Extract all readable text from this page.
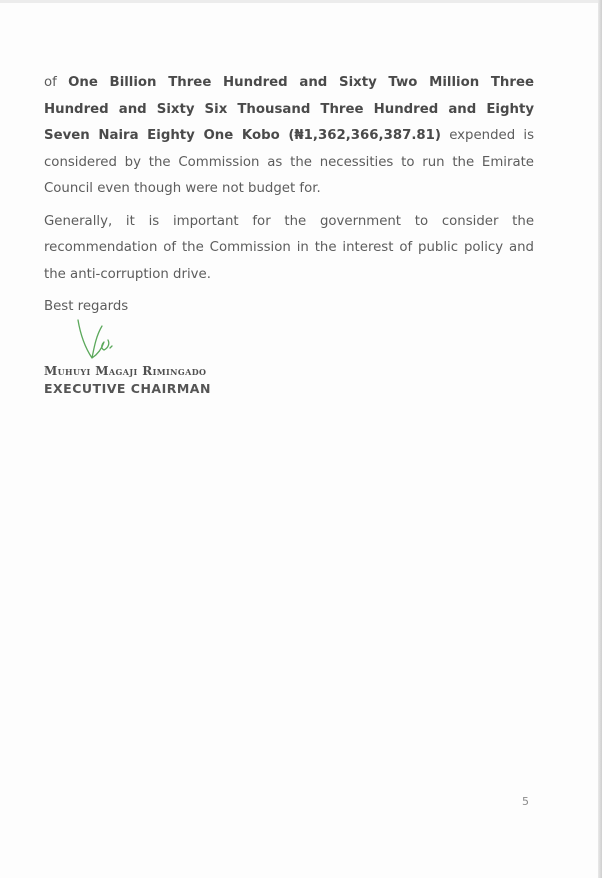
of One Billion Three Hundred and Sixty Two Million Three Hundred and Sixty Six Thousand Three Hundred and Eighty Seven Naira Eighty One Kobo (₦1,362,366,387.81) expended is considered by the Commission as the necessities to run the Emirate Council even though were not budget for.

Generally, it is important for the government to consider the recommendation of the Commission in the interest of public policy and the anti-corruption drive.

Best regards
Muhuyi Magaji Rimingado
EXECUTIVE CHAIRMAN
5
